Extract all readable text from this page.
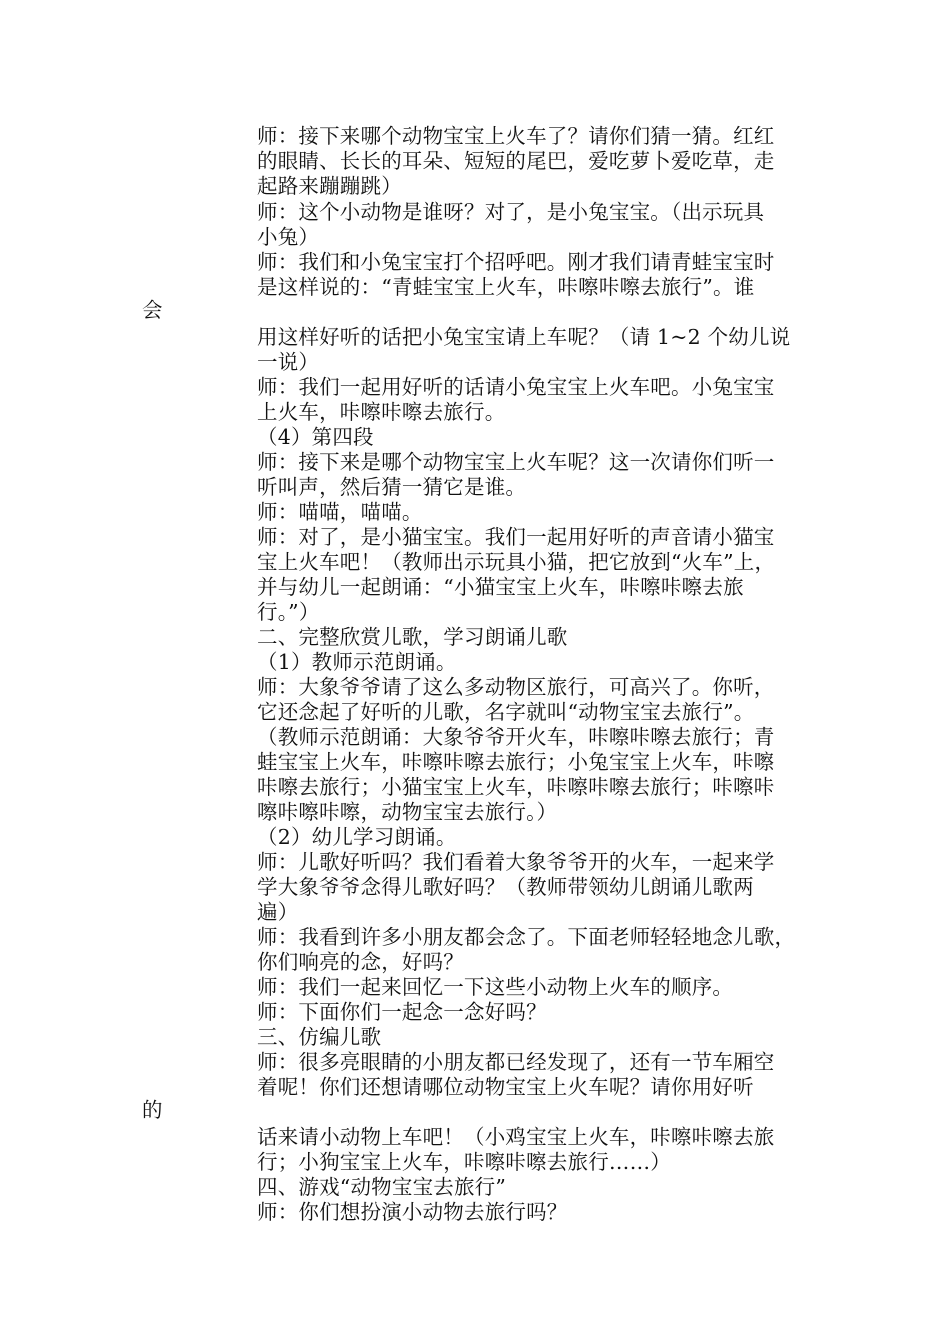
师：接下来哪个动物宝宝上火车了？请你们猜一猜。红红
的眼睛、长长的耳朵、短短的尾巴，爱吃萝卜爱吃草，走
起路来蹦蹦跳）
师：这个小动物是谁呀？对了，是小兔宝宝。（出示玩具
小兔）
师：我们和小兔宝宝打个招呼吧。刚才我们请青蛙宝宝时
是这样说的：“青蛙宝宝上火车，咔嚓咔嚓去旅行”。谁
会
用这样好听的话把小兔宝宝请上车呢？（请 1~2 个幼儿说
一说）
师：我们一起用好听的话请小兔宝宝上火车吧。小兔宝宝
上火车，咔嚓咔嚓去旅行。
（4）第四段
师：接下来是哪个动物宝宝上火车呢？这一次请你们听一
听叫声，然后猜一猜它是谁。
师：喵喵，喵喵。
师：对了，是小猫宝宝。我们一起用好听的声音请小猫宝
宝上火车吧！（教师出示玩具小猫，把它放到“火车”上，
并与幼儿一起朗诵：“小猫宝宝上火车，咔嚓咔嚓去旅
行。”）
二、完整欣赏儿歌，学习朗诵儿歌
（1）教师示范朗诵。
师：大象爷爷请了这么多动物区旅行，可高兴了。你听，
它还念起了好听的儿歌，名字就叫“动物宝宝去旅行”。
（教师示范朗诵：大象爷爷开火车，咔嚓咔嚓去旅行；青
蛙宝宝上火车，咔嚓咔嚓去旅行；小兔宝宝上火车，咔嚓
咔嚓去旅行；小猫宝宝上火车，咔嚓咔嚓去旅行；咔嚓咔
嚓咔嚓咔嚓，动物宝宝去旅行。）
（2）幼儿学习朗诵。
师：儿歌好听吗？我们看着大象爷爷开的火车，一起来学
学大象爷爷念得儿歌好吗？（教师带领幼儿朗诵儿歌两
遍）
师：我看到许多小朋友都会念了。下面老师轻轻地念儿歌，
你们响亮的念，好吗？
师：我们一起来回忆一下这些小动物上火车的顺序。
师：下面你们一起念一念好吗？
三、仿编儿歌
师：很多亮眼睛的小朋友都已经发现了，还有一节车厢空
着呢！你们还想请哪位动物宝宝上火车呢？请你用好听
的
话来请小动物上车吧！（小鸡宝宝上火车，咔嚓咔嚓去旅
行；小狗宝宝上火车，咔嚓咔嚓去旅行……）
四、游戏“动物宝宝去旅行”
师：你们想扮演小动物去旅行吗？
